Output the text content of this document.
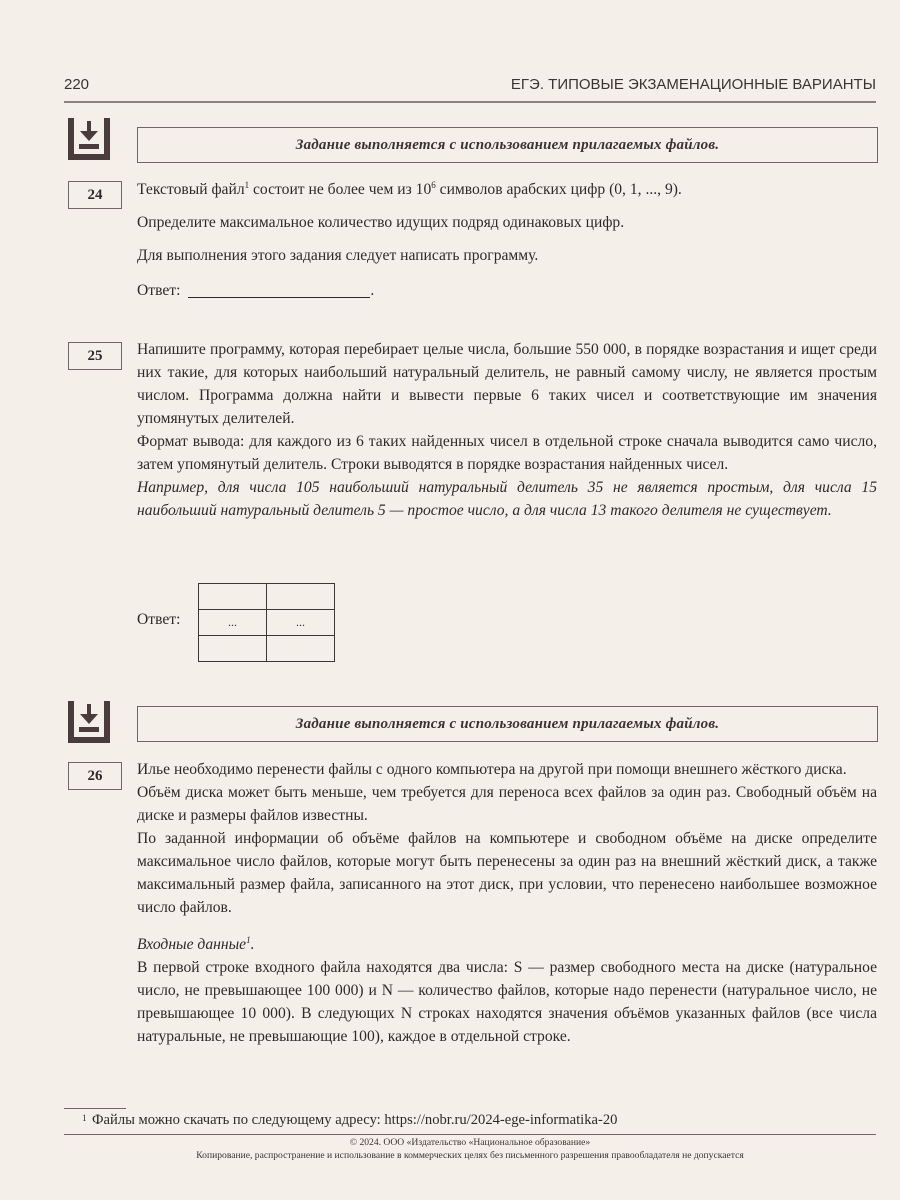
220	ЕГЭ. ТИПОВЫЕ ЭКЗАМЕНАЦИОННЫЕ ВАРИАНТЫ
Задание выполняется с использованием прилагаемых файлов.
24	Текстовый файл$^1$ состоит не более чем из $10^6$ символов арабских цифр (0, 1, ..., 9).

Определите максимальное количество идущих подряд одинаковых цифр.

Для выполнения этого задания следует написать программу.

Ответ:	.
25	Напишите программу, которая перебирает целые числа, большие 550 000, в порядке возрастания и ищет среди них такие, для которых наибольший натуральный делитель, не равный самому числу, не является простым числом. Программа должна найти и вывести первые 6 таких чисел и соответствующие им значения упомянутых делителей.

Формат вывода: для каждого из 6 таких найденных чисел в отдельной строке сначала выводится само число, затем упомянутый делитель. Строки выводятся в порядке возрастания найденных чисел.

Например, для числа 105 наибольший натуральный делитель 35 не является простым, для числа 15 наибольший натуральный делитель 5 — простое число, а для числа 13 такого делителя не существует.

Ответ:
		...	...

Задание выполняется с использованием прилагаемых файлов.
26	Илье необходимо перенести файлы с одного компьютера на другой при помощи внешнего жёсткого диска.

Объём диска может быть меньше, чем требуется для переноса всех файлов за один раз. Свободный объём на диске и размеры файлов известны.

По заданной информации об объёме файлов на компьютере и свободном объёме на диске определите максимальное число файлов, которые могут быть перенесены за один раз на внешний жёсткий диск, а также максимальный размер файла, записанного на этот диск, при условии, что перенесено наибольшее возможное число файлов.

Входные данные$^1$.

В первой строке входного файла находятся два числа: S — размер свободного места на диске (натуральное число, не превышающее 100 000) и N — количество файлов, которые надо перенести (натуральное число, не превышающее 10 000). В следующих N строках находятся значения объёмов указанных файлов (все числа натуральные, не превышающие 100), каждое в отдельной строке.

1 Файлы можно скачать по следующему адресу: https://nobr.ru/2024-ege-informatika-20
© 2024. ООО «Издательство «Национальное образование»
Копирование, распространение и использование в коммерческих целях без письменного разрешения правообладателя не допускается
